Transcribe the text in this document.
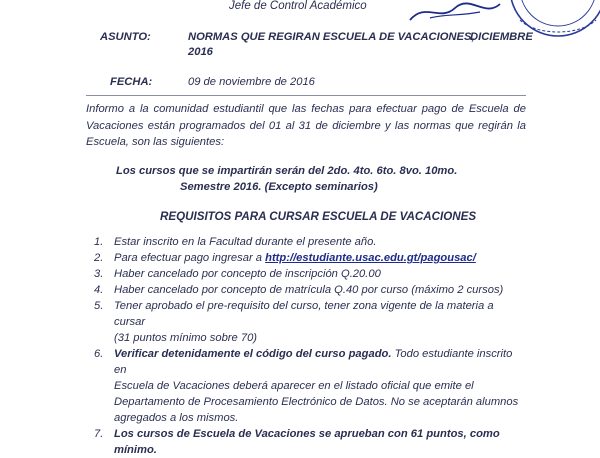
Jefe de Control Académico
ASUNTO:	NORMAS QUE REGIRAN ESCUELA DE VACACIONES,
DICIEMBRE
2016
FECHA:	09 de noviembre de 2016
Informo a la comunidad estudiantil que las fechas para efectuar pago de Escuela de
Vacaciones están programados del 01 al 31 de diciembre y las normas que regirán la
Escuela, son las siguientes:
Los cursos que se impartirán serán del 2do. 4to. 6to. 8vo. 10mo.
Semestre 2016. (Excepto seminarios)
REQUISITOS PARA CURSAR ESCUELA DE VACACIONES
1. Estar inscrito en la Facultad durante el presente año.
2. Para efectuar pago ingresar a http://estudiante.usac.edu.gt/pagousac/
3. Haber cancelado por concepto de inscripción Q.20.00
4. Haber cancelado por concepto de matrícula Q.40 por curso (máximo 2 cursos)
5. Tener aprobado el pre-requisito del curso, tener zona vigente de la materia a cursar
(31 puntos mínimo sobre 70)
6. Verificar detenidamente el código del curso pagado. Todo estudiante inscrito en
Escuela de Vacaciones deberá aparecer en el listado oficial que emite el
Departamento de Procesamiento Electrónico de Datos. No se aceptarán alumnos
agregados a los mismos.
7. Los cursos de Escuela de Vacaciones se aprueban con 61 puntos, como mínimo.
